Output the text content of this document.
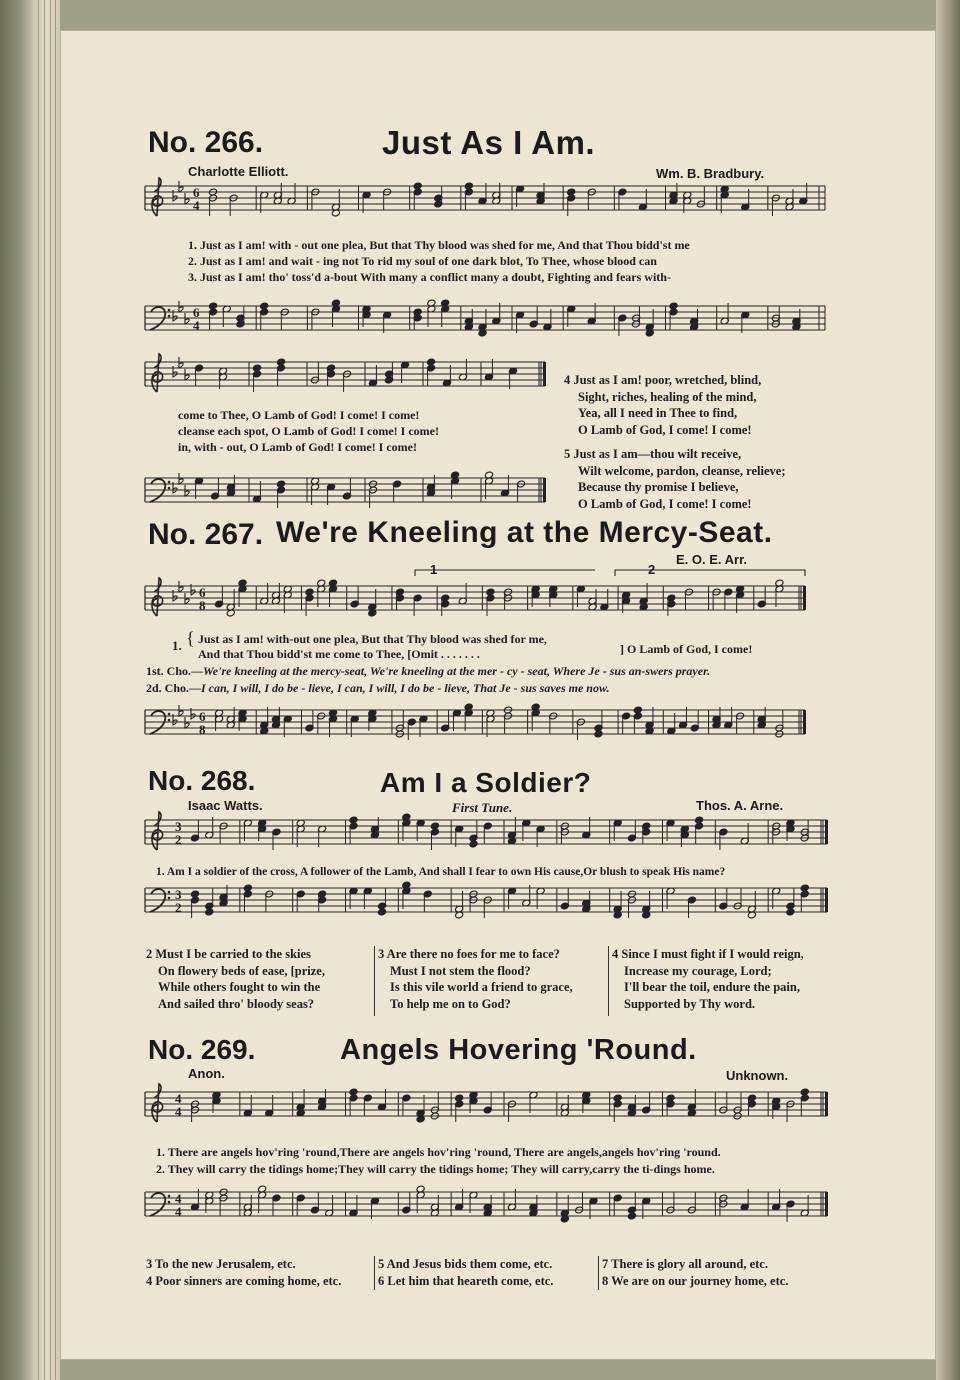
No. 266.	Just As I Am.
Charlotte Elliott.	Wm. B. Bradbury.
6
4
1. Just as I am! with - out one plea, But that Thy blood was shed for me, And that Thou bidd'st me
2. Just as I am! and wait - ing not To rid my soul of one dark blot, To Thee, whose blood can
3. Just as I am! tho' toss'd a-bout With many a conflict many a doubt, Fighting and fears with-
6
4
come to Thee, O Lamb of God! I come! I come!
cleanse each spot, O Lamb of God! I come! I come!
in, with - out, O Lamb of God! I come! I come!
4 Just as I am! poor, wretched, blind,
Sight, riches, healing of the mind,
Yea, all I need in Thee to find,
O Lamb of God, I come! I come!
5 Just as I am—thou wilt receive,
Wilt welcome, pardon, cleanse, relieve;
Because thy promise I believe,
O Lamb of God, I come! I come!
No. 267. We're Kneeling at the Mercy-Seat.
E. O. E. Arr.
1	2
6
8
1. { Just as I am! with-out one plea, But that Thy blood was shed for me,
And that Thou bidd'st me come to Thee, [Omit . . . . . . .	] O Lamb of God, I come!
1st. Cho.—We're kneeling at the mercy-seat, We're kneeling at the mer - cy - seat, Where Je - sus an-swers prayer.
2d. Cho.—I can, I will, I do be - lieve, I can, I will, I do be - lieve, That Je - sus saves me now.
6
8
No. 268.	Am I a Soldier?
Isaac Watts.	First Tune.	Thos. A. Arne.
3
2
1. Am I a soldier of the cross, A follower of the Lamb, And shall I fear to own His cause,Or blush to speak His name?
3
2
2 Must I be carried to the skies
On flowery beds of ease, [prize,
While others fought to win the
And sailed thro' bloody seas?
3 Are there no foes for me to face?
Must I not stem the flood?
Is this vile world a friend to grace,
To help me on to God?
4 Since I must fight if I would reign,
Increase my courage, Lord;
I'll bear the toil, endure the pain,
Supported by Thy word.
No. 269.	Angels Hovering 'Round.
Anon.	Unknown.
4
4
1. There are angels hov'ring 'round,There are angels hov'ring 'round, There are angels,angels hov'ring 'round.
2. They will carry the tidings home;They will carry the tidings home; They will carry,carry the ti-dings home.
4
4
3 To the new Jerusalem, etc.
4 Poor sinners are coming home, etc.
5 And Jesus bids them come, etc.
6 Let him that heareth come, etc.
7 There is glory all around, etc.
8 We are on our journey home, etc.
